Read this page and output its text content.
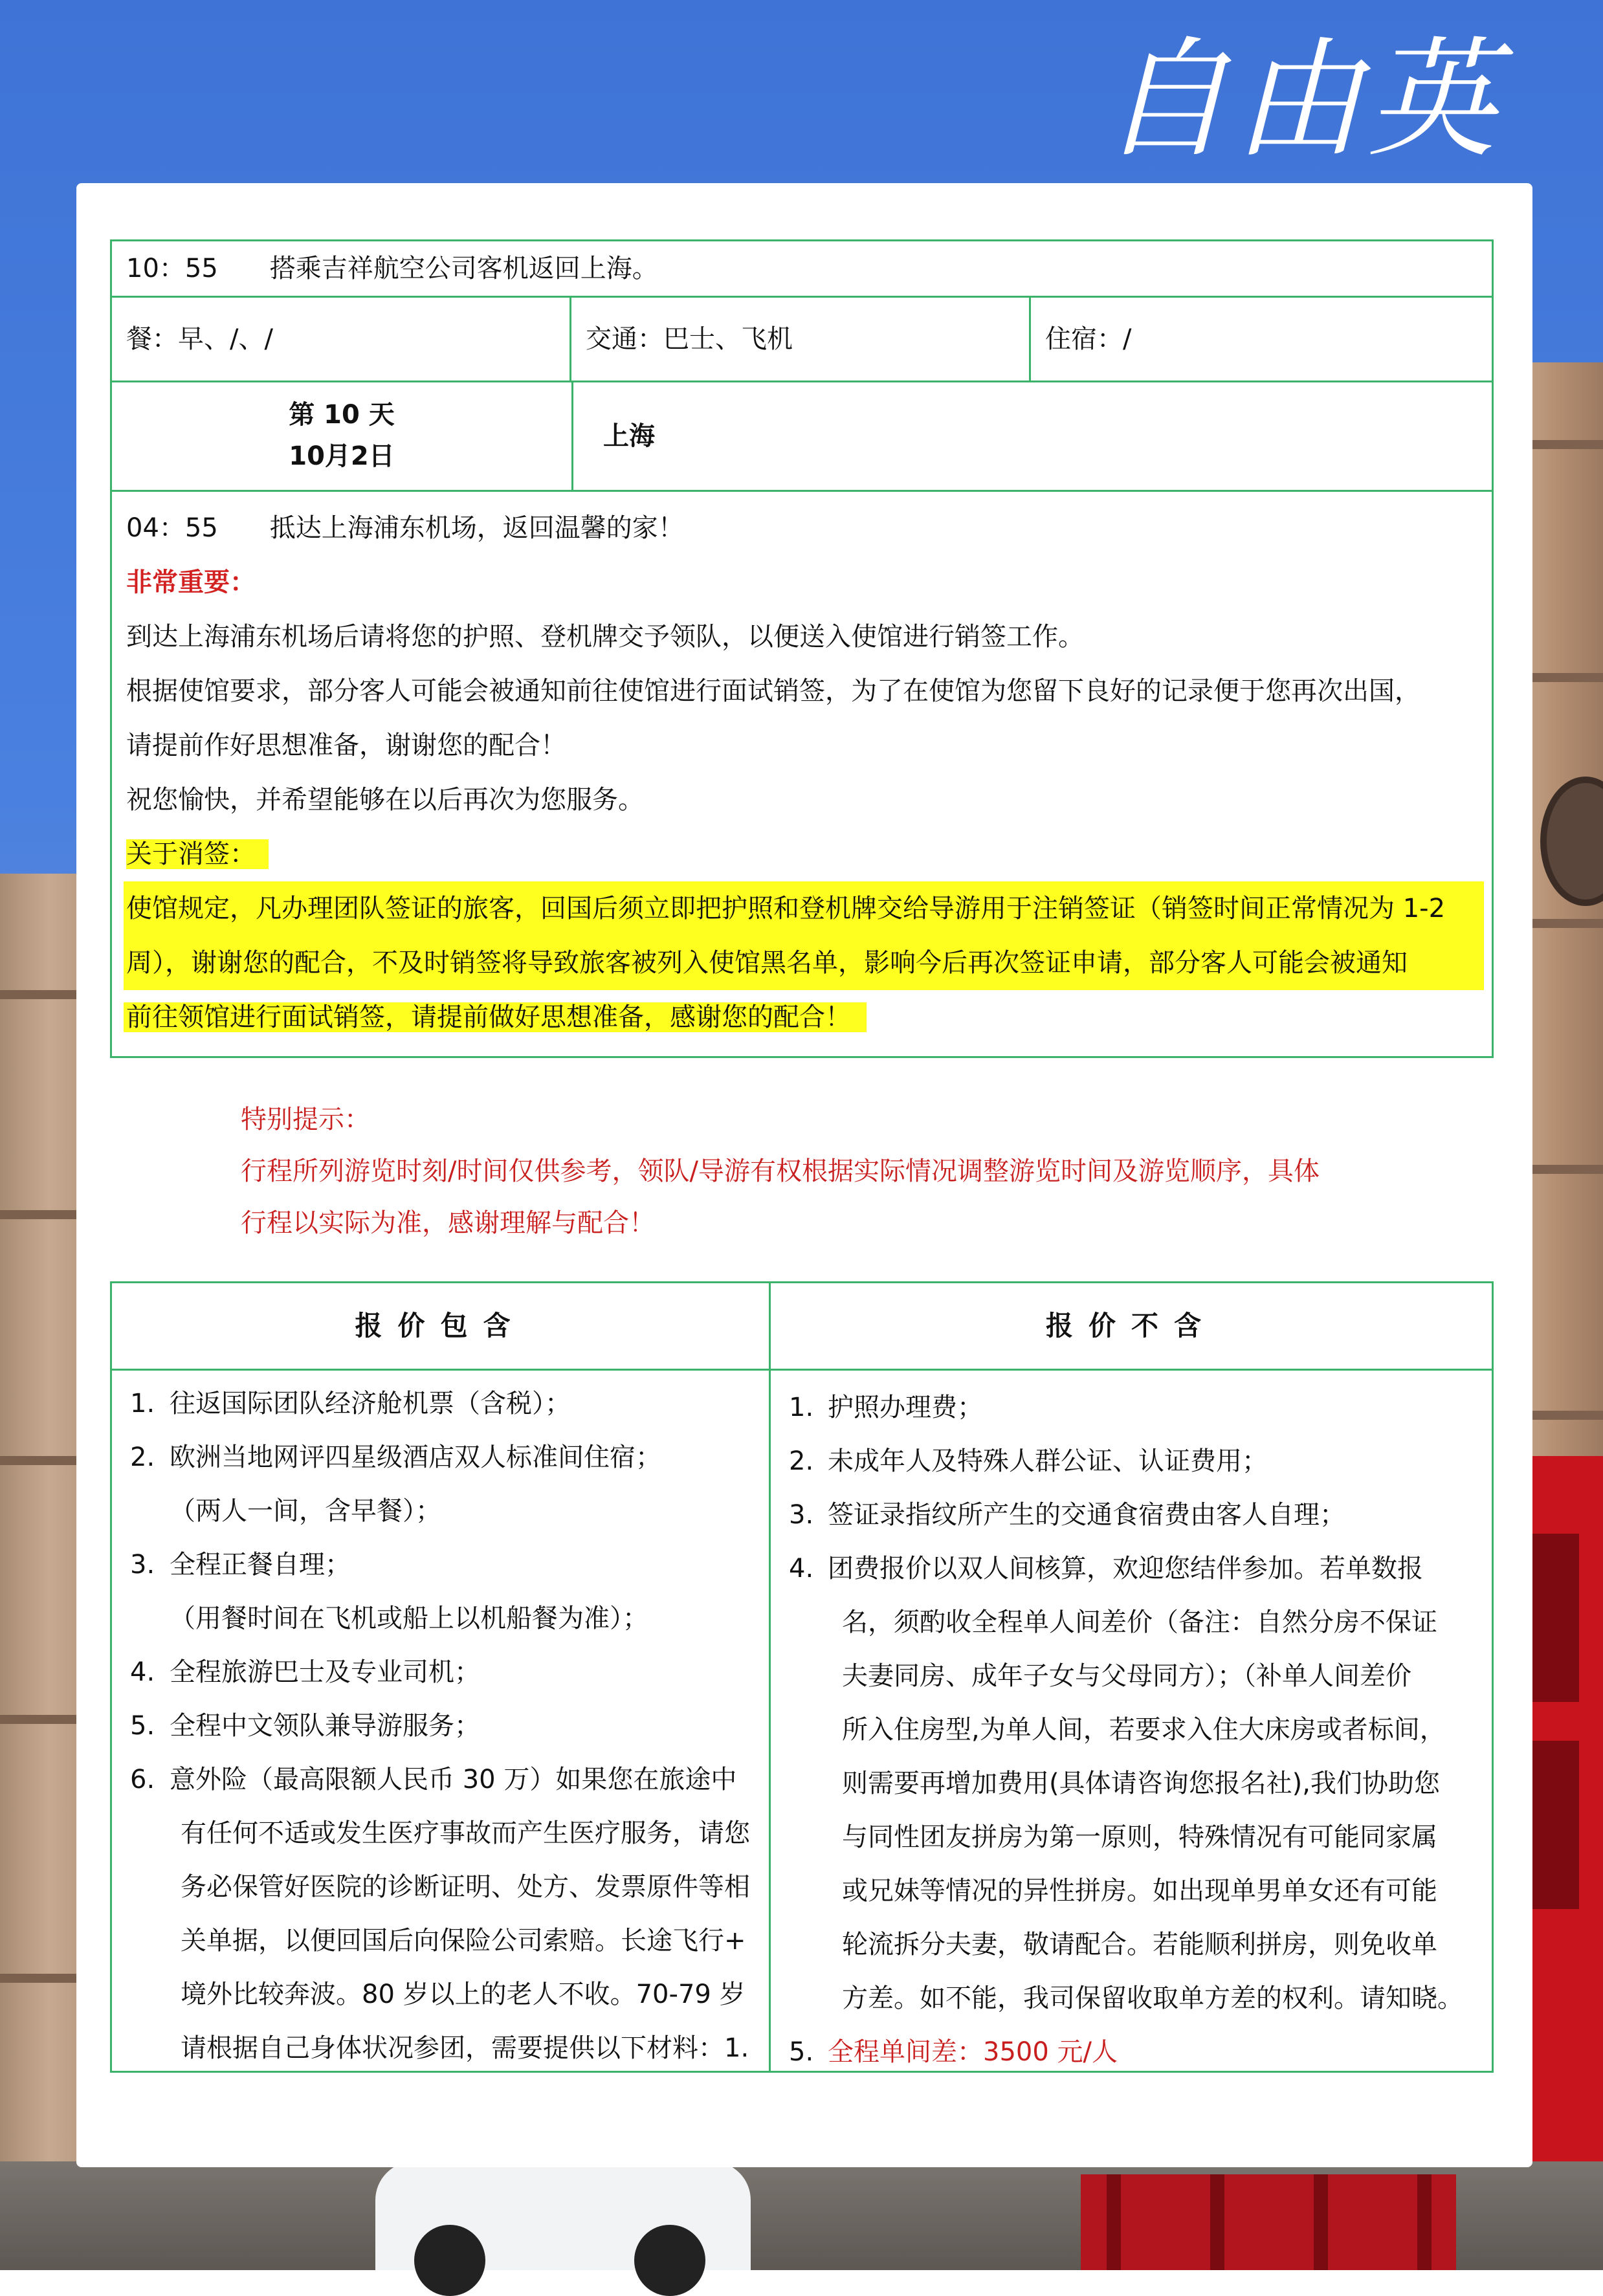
自由英
10：55　　搭乘吉祥航空公司客机返回上海。
餐：早、/、/	交通：巴士、飞机	住宿：/
第 10 天
10月2日
上海
04：55　　抵达上海浦东机场，返回温馨的家！
非常重要：
到达上海浦东机场后请将您的护照、登机牌交予领队，以便送入使馆进行销签工作。
根据使馆要求，部分客人可能会被通知前往使馆进行面试销签，为了在使馆为您留下良好的记录便于您再次出国，
请提前作好思想准备，谢谢您的配合！
祝您愉快，并希望能够在以后再次为您服务。
关于消签：
使馆规定，凡办理团队签证的旅客，回国后须立即把护照和登机牌交给导游用于注销签证（销签时间正常情况为 1-2
周），谢谢您的配合，不及时销签将导致旅客被列入使馆黑名单，影响今后再次签证申请，部分客人可能会被通知
前往领馆进行面试销签，请提前做好思想准备，感谢您的配合！
特别提示：
行程所列游览时刻/时间仅供参考，领队/导游有权根据实际情况调整游览时间及游览顺序，具体
行程以实际为准，感谢理解与配合！
报价包含
1. 往返国际团队经济舱机票（含税）；
2. 欧洲当地网评四星级酒店双人标准间住宿；
（两人一间，含早餐）；
3. 全程正餐自理；
（用餐时间在飞机或船上以机船餐为准）；
4. 全程旅游巴士及专业司机；
5. 全程中文领队兼导游服务；
6. 意外险（最高限额人民币 30 万）如果您在旅途中
有任何不适或发生医疗事故而产生医疗服务，请您
务必保管好医院的诊断证明、处方、发票原件等相
关单据，以便回国后向保险公司索赔。长途飞行+
境外比较奔波。80 岁以上的老人不收。70-79 岁
请根据自己身体状况参团，需要提供以下材料：1.
报价不含
1. 护照办理费；
2. 未成年人及特殊人群公证、认证费用；
3. 签证录指纹所产生的交通食宿费由客人自理；
4. 团费报价以双人间核算，欢迎您结伴参加。若单数报
名，须酌收全程单人间差价（备注：自然分房不保证
夫妻同房、成年子女与父母同方）；（补单人间差价
所入住房型,为单人间，若要求入住大床房或者标间，
则需要再增加费用(具体请咨询您报名社),我们协助您
与同性团友拼房为第一原则，特殊情况有可能同家属
或兄妹等情况的异性拼房。如出现单男单女还有可能
轮流拆分夫妻，敬请配合。若能顺利拼房，则免收单
方差。如不能，我司保留收取单方差的权利。请知晓。
5. 全程单间差：3500 元/人
